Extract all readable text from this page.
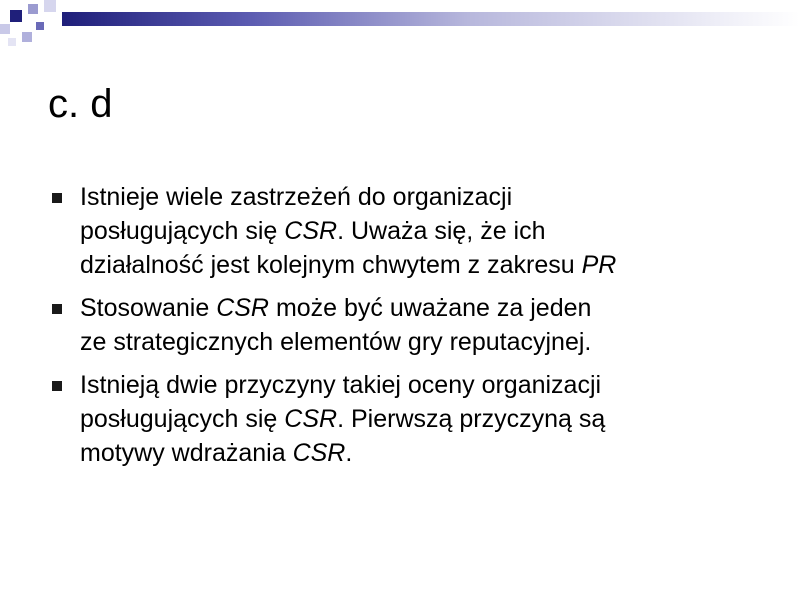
c. d
Istnieje wiele zastrzeżeń do organizacji
posługujących się CSR. Uważa się, że ich
działalność jest kolejnym chwytem z zakresu PR
Stosowanie CSR może być uważane za jeden
ze strategicznych elementów gry reputacyjnej.
Istnieją dwie przyczyny takiej oceny organizacji
posługujących się CSR. Pierwszą przyczyną są
motywy wdrażania CSR.
